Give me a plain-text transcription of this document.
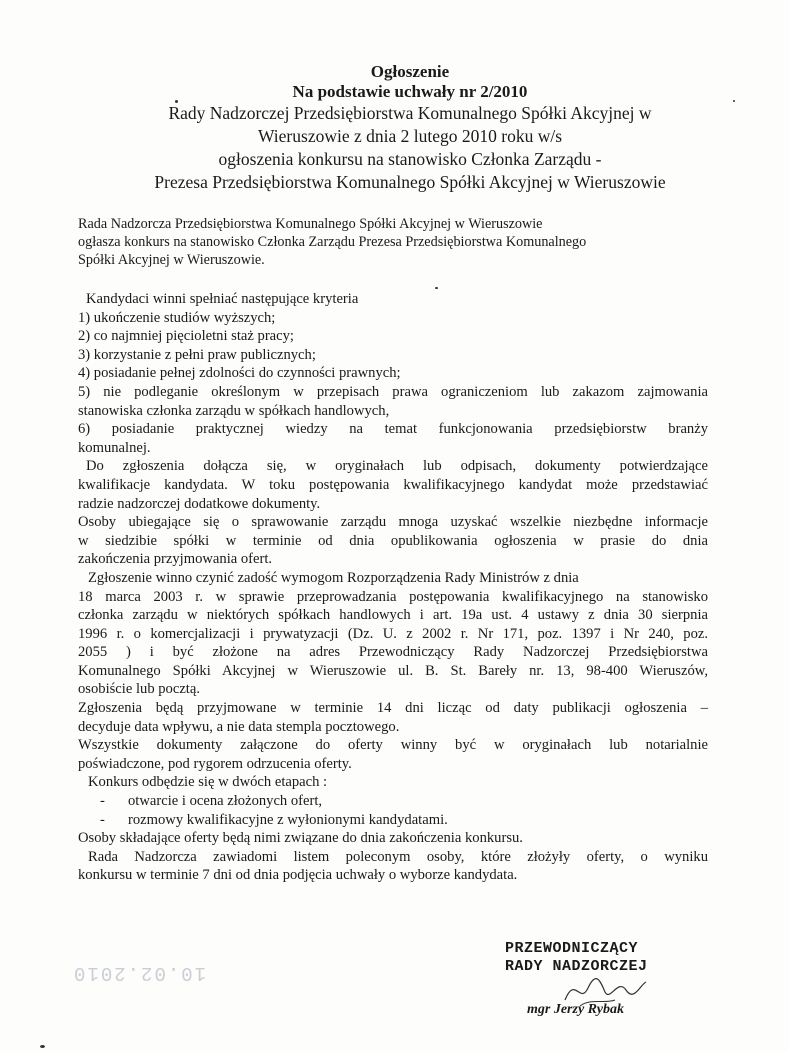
Ogłoszenie
Na podstawie uchwały nr 2/2010
Rady Nadzorczej Przedsiębiorstwa Komunalnego Spółki Akcyjnej w
Wieruszowie z dnia 2 lutego 2010 roku w/s
ogłoszenia konkursu na stanowisko Członka Zarządu -
Prezesa Przedsiębiorstwa Komunalnego Spółki Akcyjnej w Wieruszowie
Rada Nadzorcza Przedsiębiorstwa Komunalnego Spółki Akcyjnej w Wieruszowie
ogłasza konkurs na stanowisko Członka Zarządu Prezesa Przedsiębiorstwa Komunalnego
Spółki Akcyjnej w Wieruszowie.

Kandydaci winni spełniać następujące kryteria

1) ukończenie studiów wyższych;

2) co najmniej pięcioletni staż pracy;

3) korzystanie z pełni praw publicznych;

4) posiadanie pełnej zdolności do czynności prawnych;

5) nie podleganie określonym w przepisach prawa ograniczeniom lub zakazom zajmowania

stanowiska członka zarządu w spółkach handlowych,

6) posiadanie praktycznej wiedzy na temat funkcjonowania przedsiębiorstw branży

komunalnej.

Do zgłoszenia dołącza się, w oryginałach lub odpisach, dokumenty potwierdzające

kwalifikacje kandydata. W toku postępowania kwalifikacyjnego kandydat może przedstawiać

radzie nadzorczej dodatkowe dokumenty.

Osoby ubiegające się o sprawowanie zarządu mnoga uzyskać wszelkie niezbędne informacje

w siedzibie spółki w terminie od dnia opublikowania ogłoszenia w prasie do dnia

zakończenia przyjmowania ofert.

Zgłoszenie winno czynić zadość wymogom Rozporządzenia Rady Ministrów z dnia

18 marca 2003 r. w sprawie przeprowadzania postępowania kwalifikacyjnego na stanowisko

członka zarządu w niektórych spółkach handlowych i art. 19a ust. 4 ustawy z dnia 30 sierpnia

1996 r. o komercjalizacji i prywatyzacji (Dz. U. z 2002 r. Nr 171, poz. 1397 i Nr 240, poz.

2055 ) i być złożone na adres Przewodniczący Rady Nadzorczej Przedsiębiorstwa

Komunalnego Spółki Akcyjnej w Wieruszowie ul. B. St. Bareły nr. 13, 98-400 Wieruszów,

osobiście lub pocztą.

Zgłoszenia będą przyjmowane w terminie 14 dni licząc od daty publikacji ogłoszenia –

decyduje data wpływu, a nie data stempla pocztowego.

Wszystkie dokumenty załączone do oferty winny być w oryginałach lub notarialnie

poświadczone, pod rygorem odrzucenia oferty.

Konkurs odbędzie się w dwóch etapach :

-	otwarcie i ocena złożonych ofert,
-	rozmowy kwalifikacyjne z wyłonionymi kandydatami.

Osoby składające oferty będą nimi związane do dnia zakończenia konkursu.

Rada Nadzorcza zawiadomi listem poleconym osoby, które złożyły oferty, o wyniku

konkursu w terminie 7 dni od dnia podjęcia uchwały o wyborze kandydata.

PRZEWODNICZĄCY
RADY NADZORCZEJ
mgr Jerzy Rybak
10.02.2010
